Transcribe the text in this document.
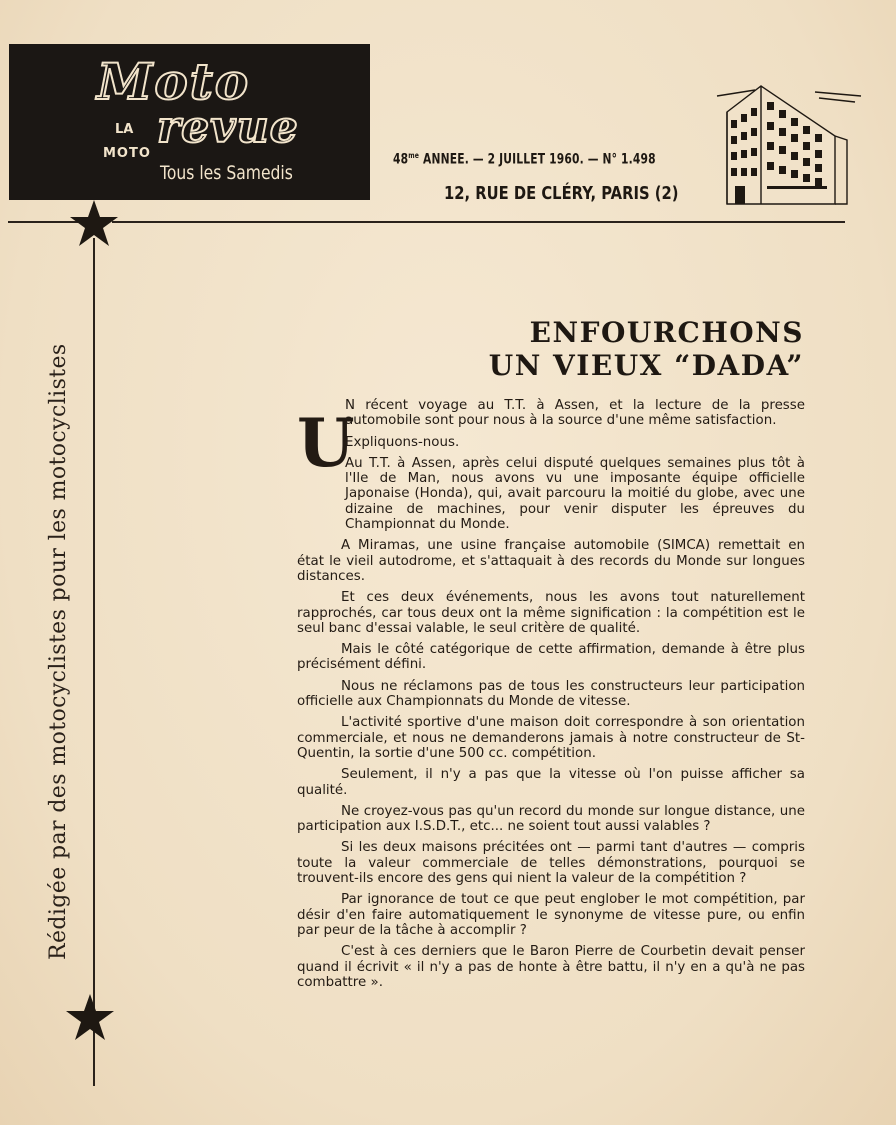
Moto
LA
MOTO
revue
Tous les Samedis
$48^{me}$ ANNEE. — 2 JUILLET 1960. — N° 1.498
12, RUE DE CLÉRY, PARIS (2)
Rédigée par des motocyclistes pour les motocyclistes
ENFOURCHONS
UN VIEUX “DADA”
U

N récent voyage au T.T. à Assen, et la lecture de la presse automobile sont pour nous à la source d'une même satisfaction.

Expliquons-nous.

Au T.T. à Assen, après celui disputé quelques semaines plus tôt à l'Ile de Man, nous avons vu une imposante équipe officielle Japonaise (Honda), qui, avait parcouru la moitié du globe, avec une dizaine de machines, pour venir disputer les épreuves du Championnat du Monde.

A Miramas, une usine française automobile (SIMCA) remettait en état le vieil autodrome, et s'attaquait à des records du Monde sur longues distances.

Et ces deux événements, nous les avons tout naturellement rapprochés, car tous deux ont la même signification : la compétition est le seul banc d'essai valable, le seul critère de qualité.

Mais le côté catégorique de cette affirmation, demande à être plus précisément défini.

Nous ne réclamons pas de tous les constructeurs leur participation officielle aux Championnats du Monde de vitesse.

L'activité sportive d'une maison doit correspondre à son orientation commerciale, et nous ne demanderons jamais à notre constructeur de St-Quentin, la sortie d'une 500 cc. compétition.

Seulement, il n'y a pas que la vitesse où l'on puisse afficher sa qualité.

Ne croyez-vous pas qu'un record du monde sur longue distance, une participation aux I.S.D.T., etc... ne soient tout aussi valables ?

Si les deux maisons précitées ont — parmi tant d'autres — compris toute la valeur commerciale de telles démonstrations, pourquoi se trouvent-ils encore des gens qui nient la valeur de la compétition ?

Par ignorance de tout ce que peut englober le mot compétition, par désir d'en faire automatiquement le synonyme de vitesse pure, ou enfin par peur de la tâche à accomplir ?

C'est à ces derniers que le Baron Pierre de Courbetin devait penser quand il écrivit « il n'y a pas de honte à être battu, il n'y en a qu'à ne pas combattre ».
